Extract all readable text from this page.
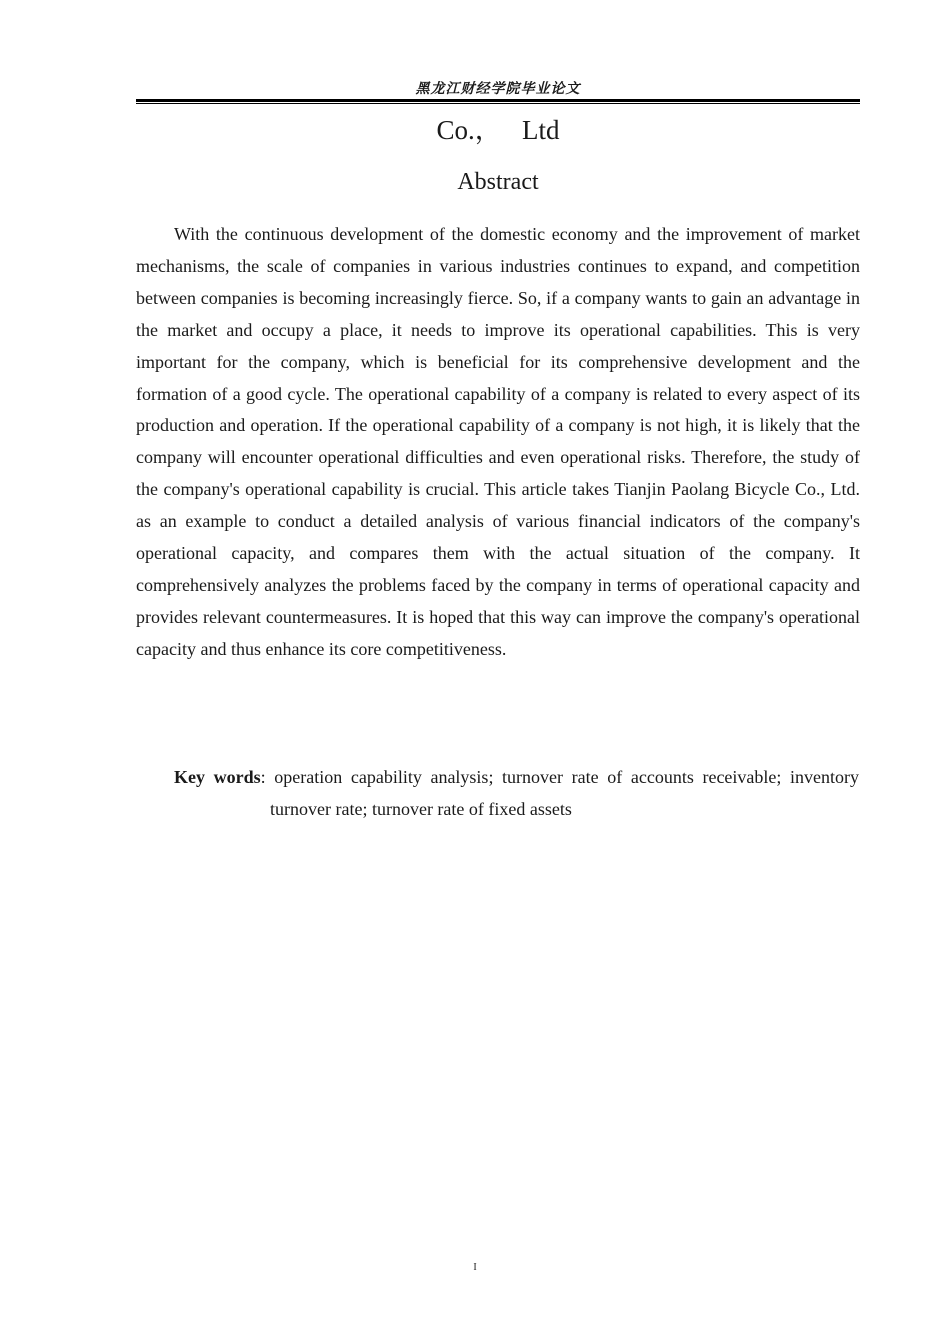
黑龙江财经学院毕业论文
Co.，   Ltd
Abstract

With the continuous development of the domestic economy and the improvement of market mechanisms, the scale of companies in various industries continues to expand, and competition between companies is becoming increasingly fierce. So, if a company wants to gain an advantage in the market and occupy a place, it needs to improve its operational capabilities. This is very important for the company, which is beneficial for its comprehensive development and the formation of a good cycle. The operational capability of a company is related to every aspect of its production and operation. If the operational capability of a company is not high, it is likely that the company will encounter operational difficulties and even operational risks. Therefore, the study of the company's operational capability is crucial. This article takes Tianjin Paolang Bicycle Co., Ltd. as an example to conduct a detailed analysis of various financial indicators of the company's operational capacity, and compares them with the actual situation of the company. It comprehensively analyzes the problems faced by the company in terms of operational capacity and provides relevant countermeasures. It is hoped that this way can improve the company's operational capacity and thus enhance its core competitiveness.

Key words: operation capability analysis; turnover rate of accounts receivable; inventory turnover rate; turnover rate of fixed assets
I
